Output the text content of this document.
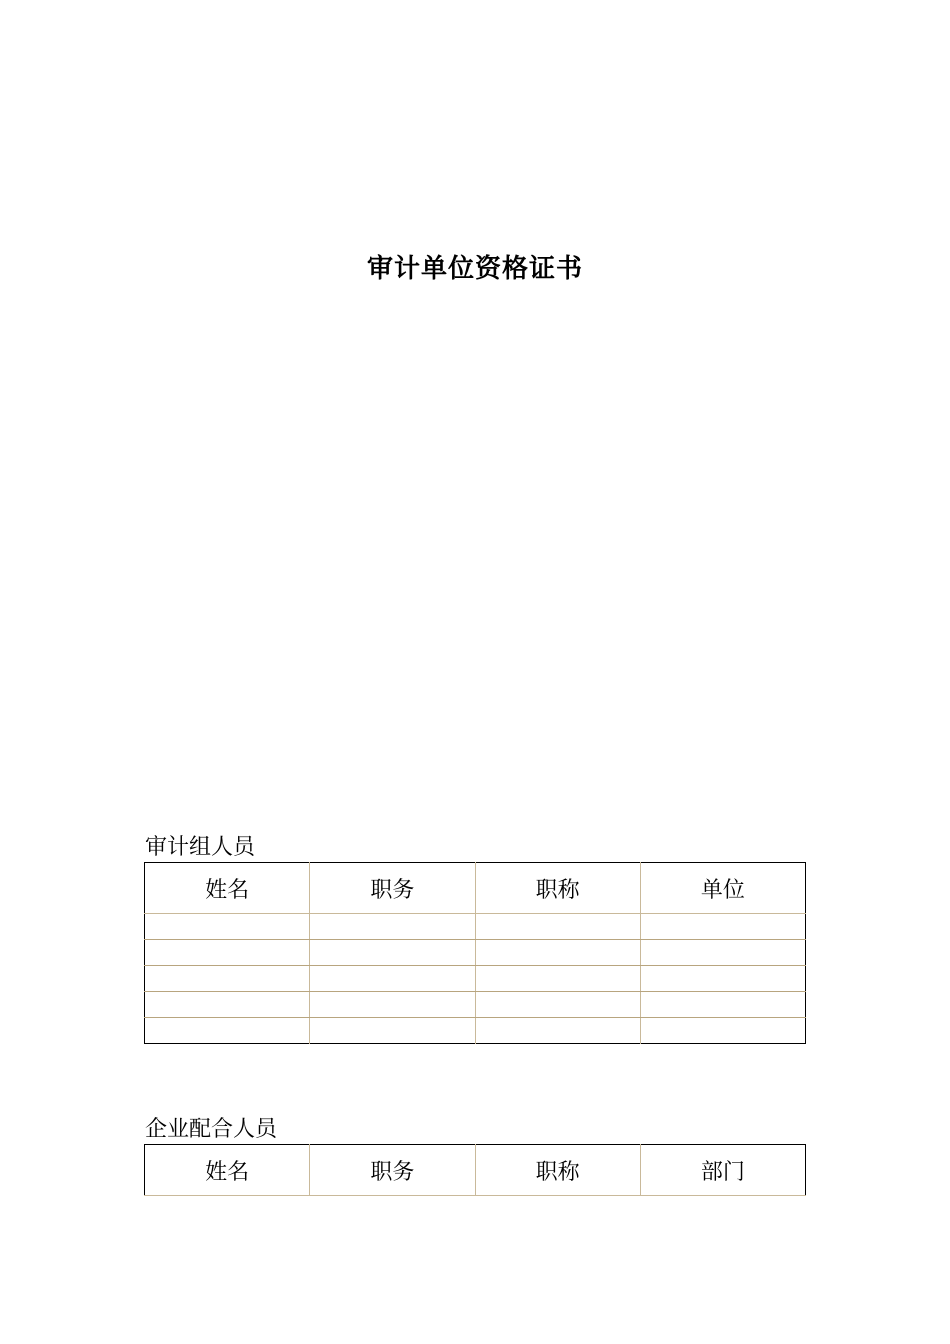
审计单位资格证书
审计组人员
姓名	职务	职称	单位

企业配合人员
姓名	职务	职称	部门
